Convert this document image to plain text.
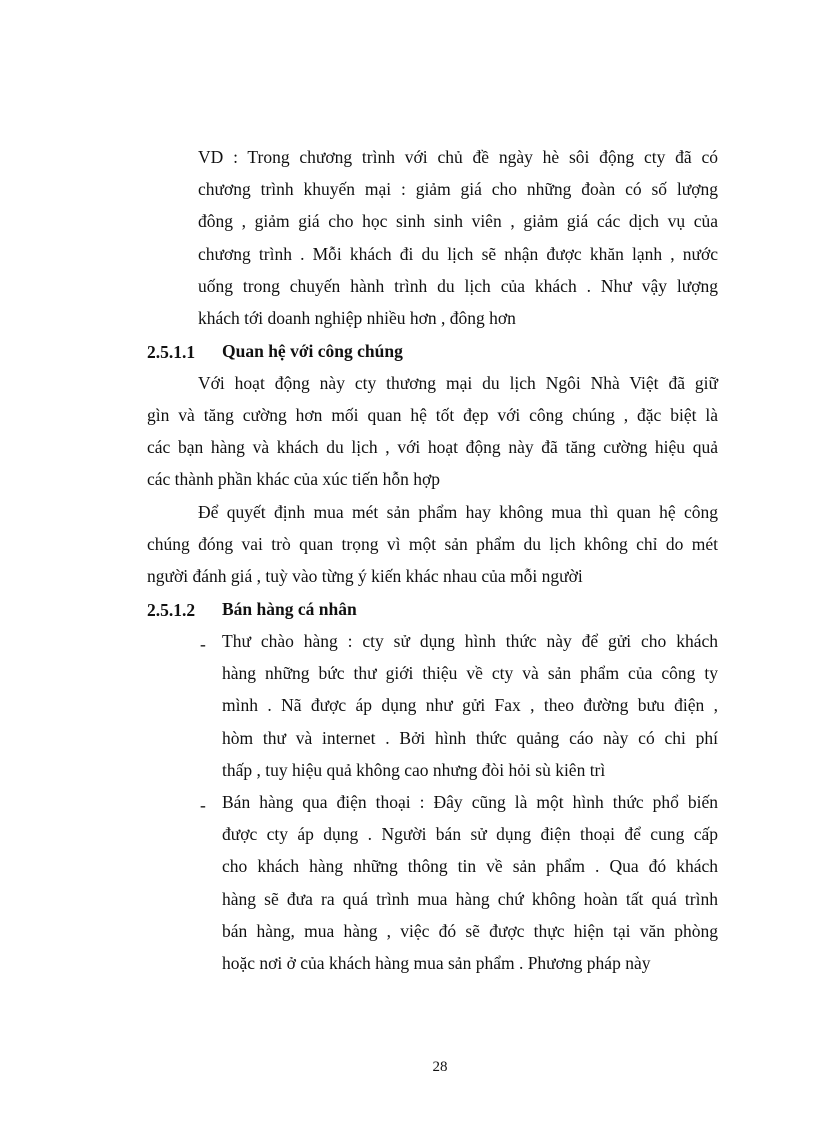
VD : Trong chương trình với chủ đề ngày hè sôi động cty đã có
chương trình khuyến mại : giảm giá cho những đoàn có số lượng
đông , giảm giá cho học sinh sinh viên , giảm giá các dịch vụ của
chương trình . Mỗi khách đi du lịch sẽ nhận được khăn lạnh , nước
uống trong chuyến hành trình du lịch của khách . Như vậy lượng
khách tới doanh nghiệp nhiều hơn , đông hơn
2.5.1.1 Quan hệ với công chúng
Với hoạt động này cty thương mại du lịch Ngôi Nhà Việt đã giữ
gìn và tăng cường hơn mối quan hệ tốt đẹp với công chúng , đặc biệt là
các bạn hàng và khách du lịch , với hoạt động này đã tăng cường hiệu quả
các thành phần khác của xúc tiến hỗn hợp
Để quyết định mua mét sản phẩm hay không mua thì quan hệ công
chúng đóng vai trò quan trọng vì một sản phẩm du lịch không chỉ do mét
người đánh giá , tuỳ vào từng ý kiến khác nhau của mỗi người
2.5.1.2 Bán hàng cá nhân
- Thư chào hàng : cty sử dụng hình thức này để gửi cho khách
hàng những bức thư giới thiệu về cty và sản phẩm của công ty
mình . Nã được áp dụng như gửi Fax , theo đường bưu điện ,
hòm thư và internet . Bởi hình thức quảng cáo này có chi phí
thấp , tuy hiệu quả không cao nhưng đòi hỏi sù kiên trì
- Bán hàng qua điện thoại : Đây cũng là một hình thức phổ biến
được cty áp dụng . Người bán sử dụng điện thoại để cung cấp
cho khách hàng những thông tin về sản phẩm . Qua đó khách
hàng sẽ đưa ra quá trình mua hàng chứ không hoàn tất quá trình
bán hàng, mua hàng , việc đó sẽ được thực hiện tại văn phòng
hoặc nơi ở của khách hàng mua sản phẩm . Phương pháp này
28
